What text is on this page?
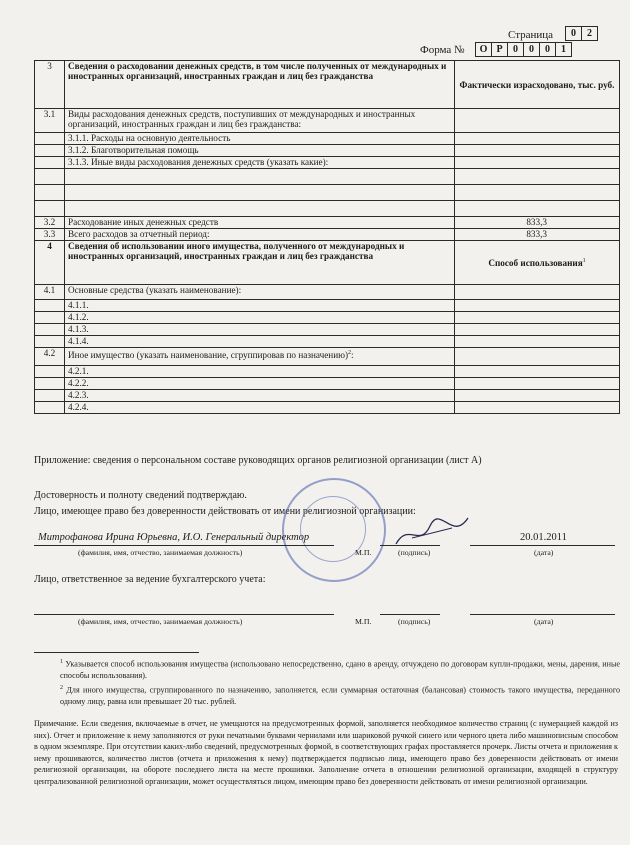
Страница 0	2
Форма № О	Р	0	0	0	1
3	Сведения о расходовании денежных средств, в том числе полученных от международных и иностранных организаций, иностранных граждан и лиц без гражданства	Фактически израсходовано, тыс. руб.
3.1	Виды расходования денежных средств, поступивших от международных и иностранных организаций, иностранных граждан и лиц без гражданства:	
	3.1.1. Расходы на основную деятельность	
	3.1.2. Благотворительная помощь	
	3.1.3. Иные виды расходования денежных средств (указать какие):	

3.2	Расходование иных денежных средств	833,3
3.3	Всего расходов за отчетный период:	833,3
4	Сведения об использовании иного имущества, полученного от международных и иностранных организаций, иностранных граждан и лиц без гражданства	Способ использования$^1$
4.1	Основные средства (указать наименование):	
	4.1.1.	
	4.1.2.	
	4.1.3.	
	4.1.4.	
4.2	Иное имущество (указать наименование, сгруппировав по назначению)$^2$:	
	4.2.1.	
	4.2.2.	
	4.2.3.	
	4.2.4.	
Приложение: сведения о персональном составе руководящих органов религиозной организации (лист А)
Достоверность и полноту сведений подтверждаю.
Лицо, имеющее право без доверенности действовать от имени религиозной организации:
Митрофанова Ирина Юрьевна, И.О. Генеральный директор	20.01.2011
(фамилия, имя, отчество, занимаемая должность)	М.П.	(подпись)	(дата)
Лицо, ответственное за ведение бухгалтерского учета:
(фамилия, имя, отчество, занимаемая должность)	М.П.	(подпись)	(дата)
$^1$ Указывается способ использования имущества (использовано непосредственно, сдано в аренду, отчуждено по договорам купли-продажи, мены, дарения, иные способы использования).
$^2$ Для иного имущества, сгруппированного по назначению, заполняется, если суммарная остаточная (балансовая) стоимость такого имущества, переданного одному лицу, равна или превышает 20 тыс. рублей.
Примечание. Если сведения, включаемые в отчет, не умещаются на предусмотренных формой, заполняется необходимое количество страниц (с нумерацией каждой из них). Отчет и приложение к нему заполняются от руки печатными буквами чернилами или шариковой ручкой синего или черного цвета либо машинописным способом в одном экземпляре. При отсутствии каких-либо сведений, предусмотренных формой, в соответствующих графах проставляется прочерк. Листы отчета и приложения к нему прошиваются, количество листов (отчета и приложения к нему) подтверждается подписью лица, имеющего право без доверенности действовать от имени религиозной организации, на обороте последнего листа на месте прошивки. Заполнение отчета в отношении религиозной организации, входящей в структуру централизованной религиозной организации, может осуществляться лицом, имеющим право без доверенности действовать от имени религиозной организации.
